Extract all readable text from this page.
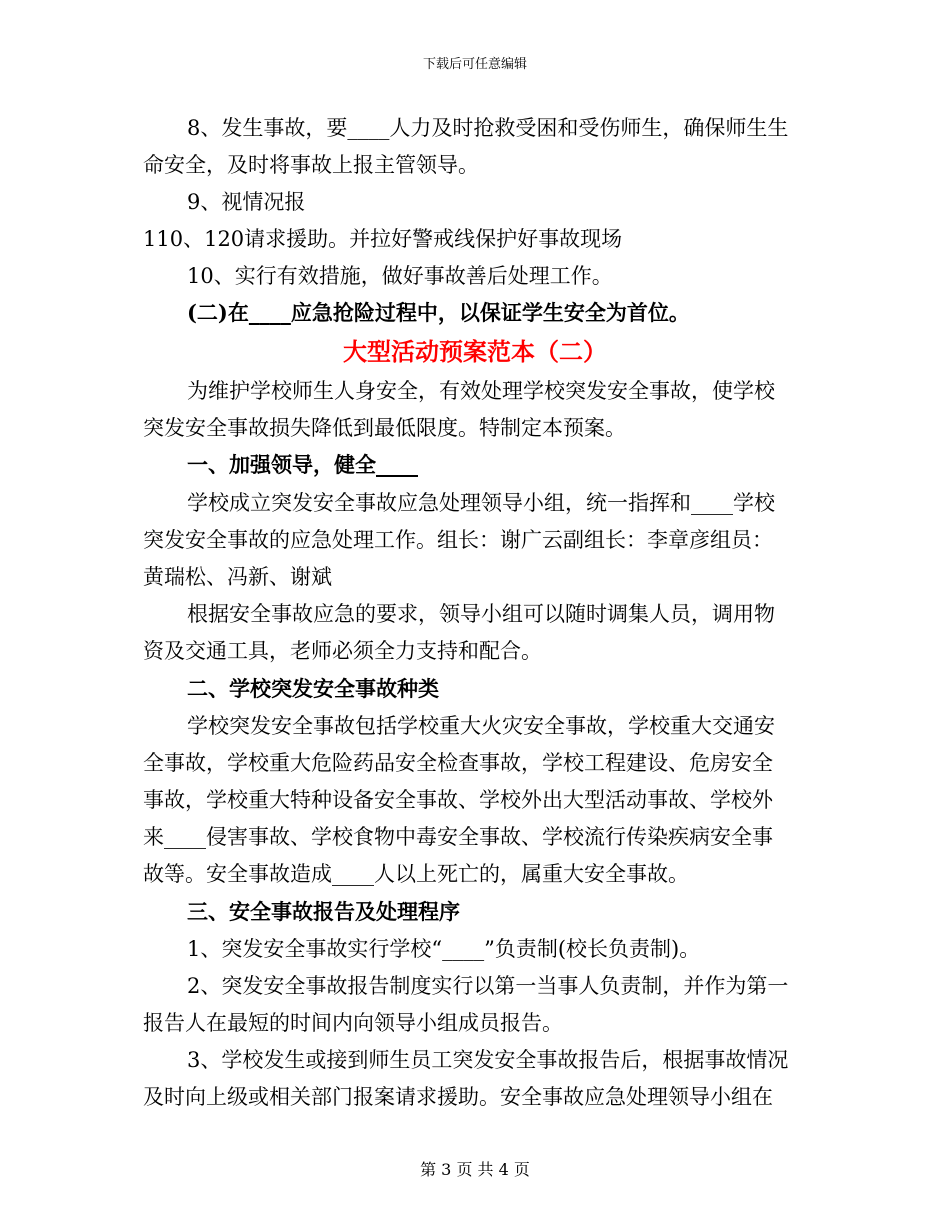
下载后可任意编辑
8、发生事故，要____人力及时抢救受困和受伤师生，确保师生生
命安全，及时将事故上报主管领导。
9、视情况报
110、120请求援助。并拉好警戒线保护好事故现场
10、实行有效措施，做好事故善后处理工作。
(二)在____应急抢险过程中，以保证学生安全为首位。
大型活动预案范本（二）
为维护学校师生人身安全，有效处理学校突发安全事故，使学校
突发安全事故损失降低到最低限度。特制定本预案。
一、加强领导，健全____
学校成立突发安全事故应急处理领导小组，统一指挥和____学校
突发安全事故的应急处理工作。组长：谢广云副组长：李章彦组员：
黄瑞松、冯新、谢斌
根据安全事故应急的要求，领导小组可以随时调集人员，调用物
资及交通工具，老师必须全力支持和配合。
二、学校突发安全事故种类
学校突发安全事故包括学校重大火灾安全事故，学校重大交通安
全事故，学校重大危险药品安全检查事故，学校工程建设、危房安全
事故，学校重大特种设备安全事故、学校外出大型活动事故、学校外
来____侵害事故、学校食物中毒安全事故、学校流行传染疾病安全事
故等。安全事故造成____人以上死亡的，属重大安全事故。
三、安全事故报告及处理程序
1、突发安全事故实行学校“____”负责制(校长负责制)。
2、突发安全事故报告制度实行以第一当事人负责制，并作为第一
报告人在最短的时间内向领导小组成员报告。
3、学校发生或接到师生员工突发安全事故报告后，根据事故情况
及时向上级或相关部门报案请求援助。安全事故应急处理领导小组在
第 3 页 共 4 页
